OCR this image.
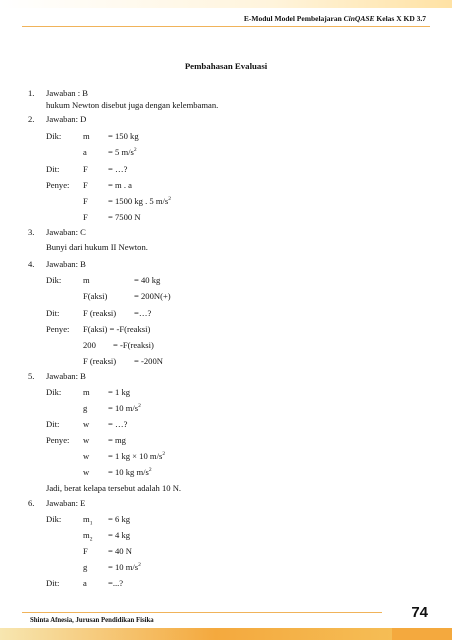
E-Modul Model Pembelajaran CinQASE Kelas X KD 3.7
Pembahasan Evaluasi
1. Jawaban : B
hukum Newton disebut juga dengan kelembaman.
2. Jawaban: D
Dik:	m = 150 kg
a = 5 $m/s^2$
Dit:	F = …?
Penye: F = m . a
F = 1500 kg . 5 $m/s^2$
F = 7500 N
3. Jawaban: C
Bunyi dari hukum II Newton.
4. Jawaban: B
Dik:	m	= 40 kg
F(aksi)	= 200N(+)
Dit:	F (reaksi) =…?
Penye: F(aksi) = -F(reaksi)
200 = -F(reaksi)
F (reaksi) = -200N
5. Jawaban: B
Dik:	m = 1 kg
g = 10 $m/s^2$
Dit:	w = …?
Penye: w = mg
w = 1 kg × 10 $m/s^2$
w = 10 kg $m/s^2$
Jadi, berat kelapa tersebut adalah 10 N.
6. Jawaban: E
Dik:	$m_1 = 6$ kg
$m_2 = 4$ kg
F = 40 N
g = 10 $m/s^2$
Dit:	a =...?
Shinta Afnesia, Jurusan Pendidikan Fisika	74
